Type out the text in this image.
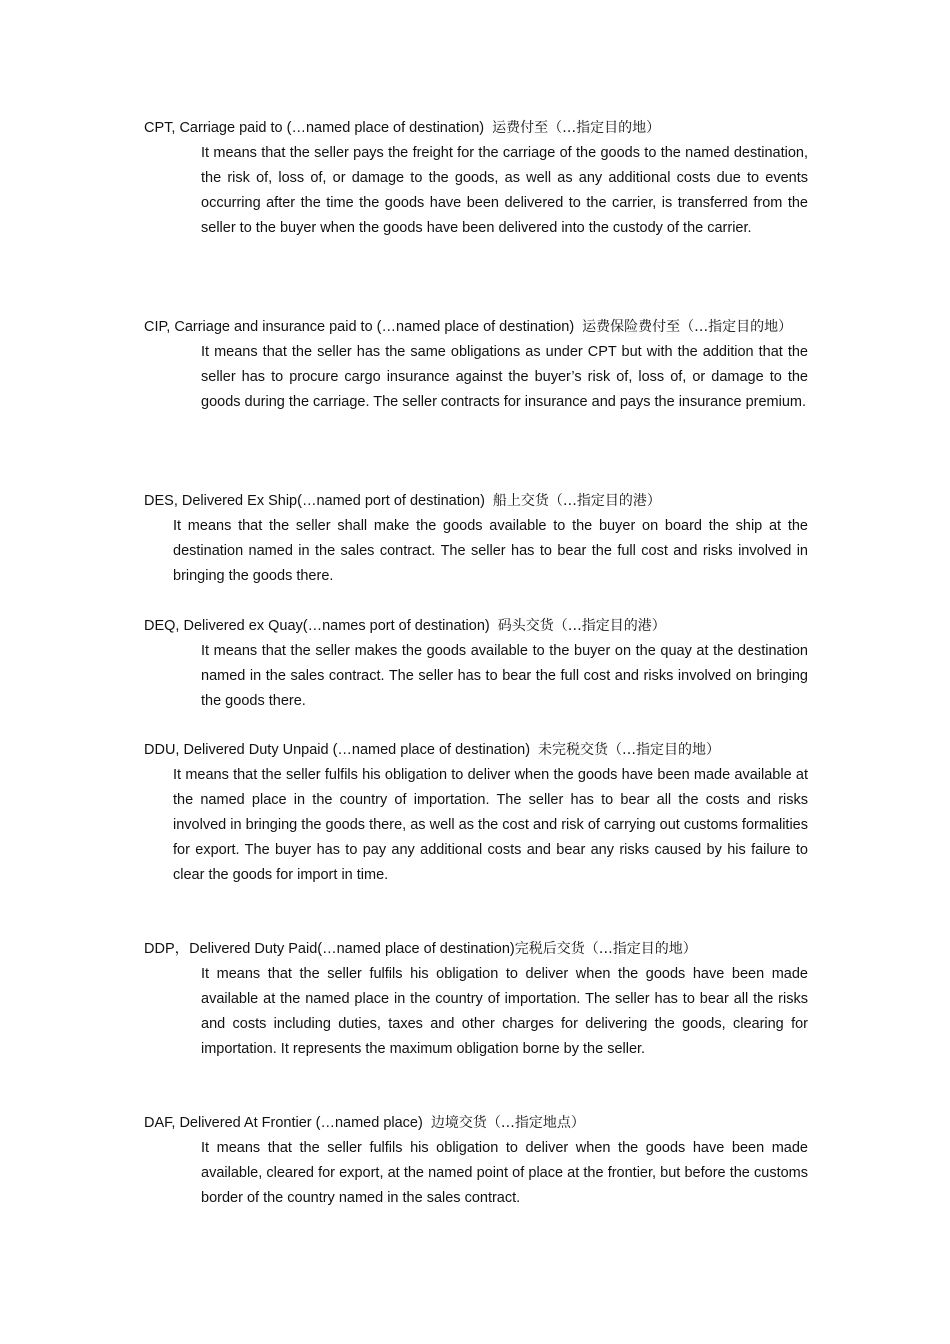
CPT, Carriage paid to (…named place of destination) 运费付至（…指定目的地）

It means that the seller pays the freight for the carriage of the goods to the named destination, the risk of, loss of, or damage to the goods, as well as any additional costs due to events occurring after the time the goods have been delivered to the carrier, is transferred from the seller to the buyer when the goods have been delivered into the custody of the carrier.

CIP, Carriage and insurance paid to (…named place of destination) 运费保险费付至（…指定目的地）

It means that the seller has the same obligations as under CPT but with the addition that the seller has to procure cargo insurance against the buyer’s risk of, loss of, or damage to the goods during the carriage. The seller contracts for insurance and pays the insurance premium.

DES, Delivered Ex Ship(…named port of destination) 船上交货（…指定目的港）

It means that the seller shall make the goods available to the buyer on board the ship at the destination named in the sales contract. The seller has to bear the full cost and risks involved in bringing the goods there.

DEQ, Delivered ex Quay(…names port of destination) 码头交货（…指定目的港）

It means that the seller makes the goods available to the buyer on the quay at the destination named in the sales contract. The seller has to bear the full cost and risks involved on bringing the goods there.

DDU, Delivered Duty Unpaid (…named place of destination) 未完税交货（…指定目的地）

It means that the seller fulfils his obligation to deliver when the goods have been made available at the named place in the country of importation. The seller has to bear all the costs and risks involved in bringing the goods there, as well as the cost and risk of carrying out customs formalities for export. The buyer has to pay any additional costs and bear any risks caused by his failure to clear the goods for import in time.

DDP，Delivered Duty Paid(…named place of destination)完税后交货（…指定目的地）

It means that the seller fulfils his obligation to deliver when the goods have been made available at the named place in the country of importation. The seller has to bear all the risks and costs including duties, taxes and other charges for delivering the goods, clearing for importation. It represents the maximum obligation borne by the seller.

DAF, Delivered At Frontier (…named place) 边境交货（…指定地点）

It means that the seller fulfils his obligation to deliver when the goods have been made available, cleared for export, at the named point of place at the frontier, but before the customs border of the country named in the sales contract.
